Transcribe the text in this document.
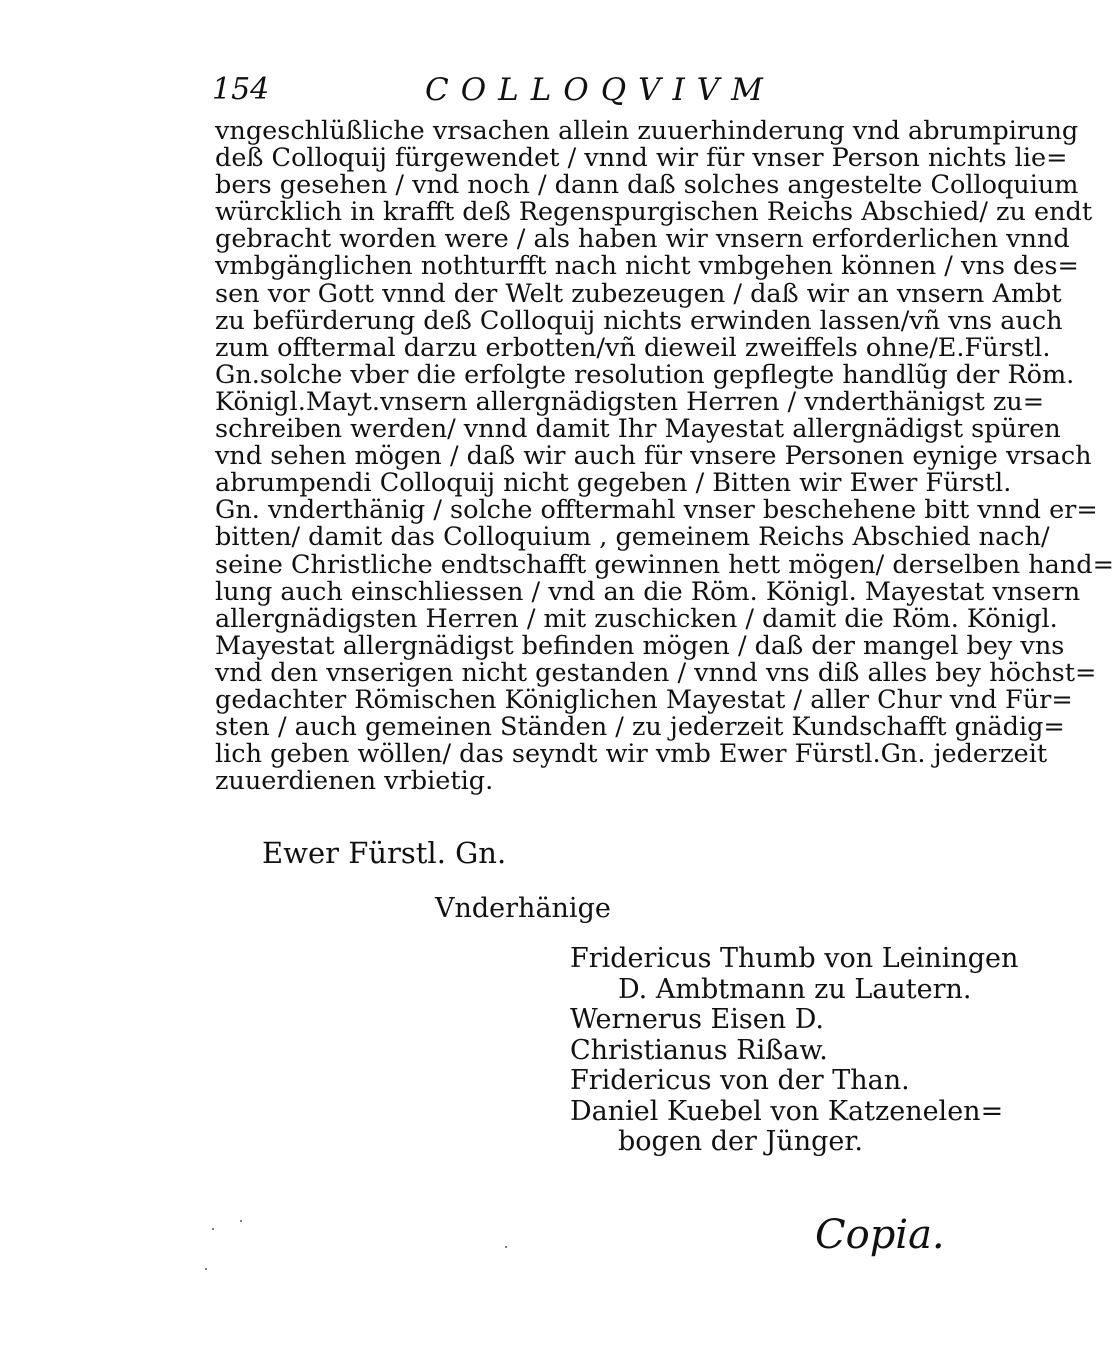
154	COLLOQVIVM
vngeschlüßliche vrsachen allein zuuerhinderung vnd abrumpirung
deß Colloquij fürgewendet / vnnd wir für vnser Person nichts lie=
bers gesehen / vnd noch / dann daß solches angestelte Colloquium
würcklich in krafft deß Regenspurgischen Reichs Abschied/ zu endt
gebracht worden were / als haben wir vnsern erforderlichen vnnd
vmbgänglichen nothturfft nach nicht vmbgehen können / vns des=
sen vor Gott vnnd der Welt zubezeugen / daß wir an vnsern Ambt
zu befürderung deß Colloquij nichts erwinden lassen/vñ vns auch
zum offtermal darzu erbotten/vñ dieweil zweiffels ohne/E.Fürstl.
Gn.solche vber die erfolgte resolution gepflegte handlũg der Röm.
Königl.Mayt.vnsern allergnädigsten Herren / vnderthänigst zu=
schreiben werden/ vnnd damit Ihr Mayestat allergnädigst spüren
vnd sehen mögen / daß wir auch für vnsere Personen eynige vrsach
abrumpendi Colloquij nicht gegeben / Bitten wir Ewer Fürstl.
Gn. vnderthänig / solche offtermahl vnser beschehene bitt vnnd er=
bitten/ damit das Colloquium , gemeinem Reichs Abschied nach/
seine Christliche endtschafft gewinnen hett mögen/ derselben hand=
lung auch einschliessen / vnd an die Röm. Königl. Mayestat vnsern
allergnädigsten Herren / mit zuschicken / damit die Röm. Königl.
Mayestat allergnädigst befinden mögen / daß der mangel bey vns
vnd den vnserigen nicht gestanden / vnnd vns diß alles bey höchst=
gedachter Römischen Königlichen Mayestat / aller Chur vnd Für=
sten / auch gemeinen Ständen / zu jederzeit Kundschafft gnädig=
lich geben wöllen/ das seyndt wir vmb Ewer Fürstl.Gn. jederzeit
zuuerdienen vrbietig.
Ewer Fürstl. Gn.
Vnderhänige
Fridericus Thumb von Leiningen
D. Ambtmann zu Lautern.
Wernerus Eisen D.
Christianus Rißaw.
Fridericus von der Than.
Daniel Kuebel von Katzenelen=
bogen der Jünger.
Copia.
